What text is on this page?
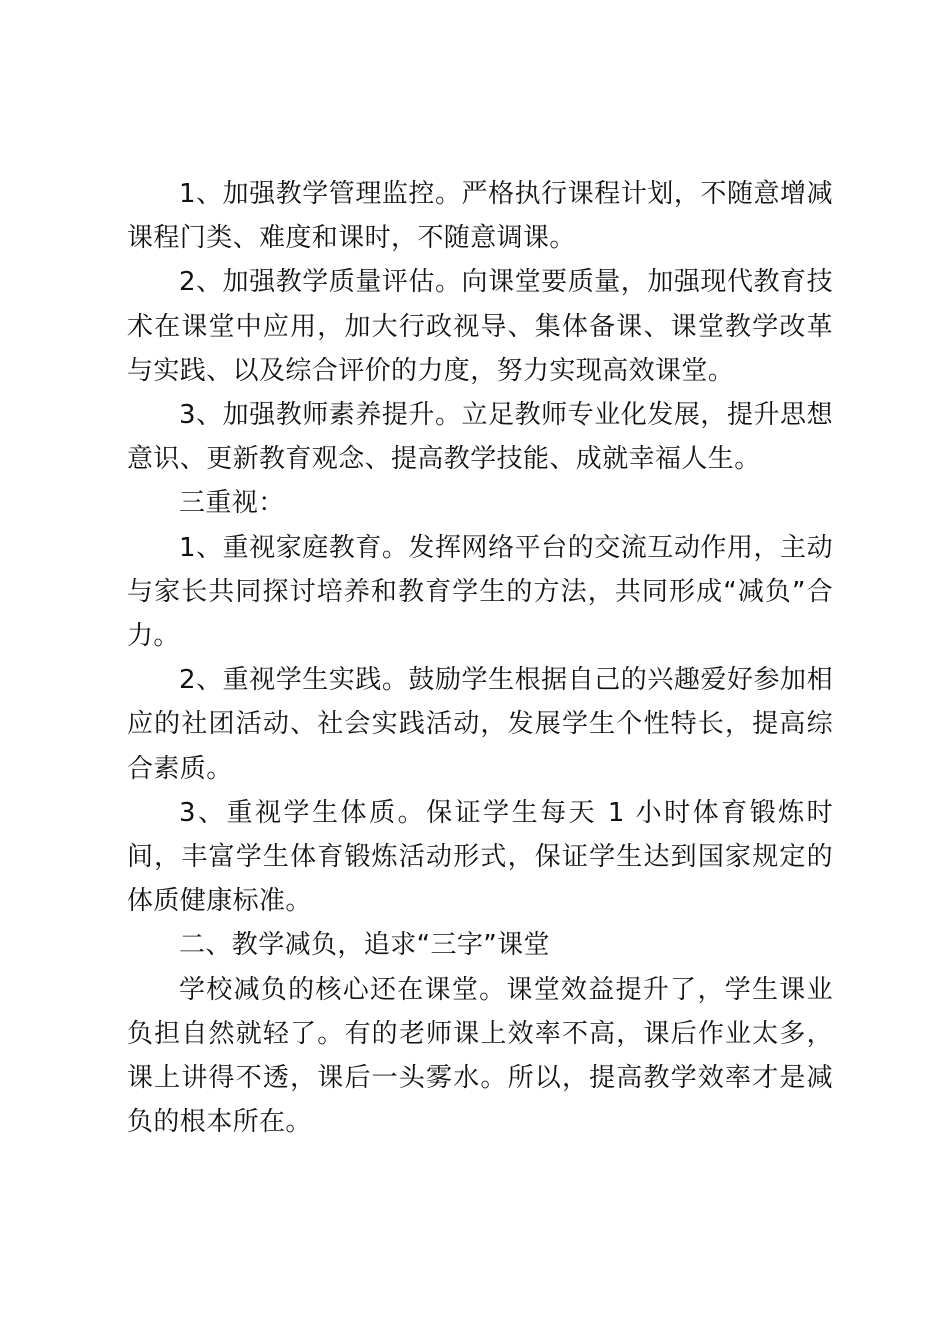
1、加强教学管理监控。严格执行课程计划，不随意增减课程门类、难度和课时，不随意调课。

2、加强教学质量评估。向课堂要质量，加强现代教育技术在课堂中应用，加大行政视导、集体备课、课堂教学改革与实践、以及综合评价的力度，努力实现高效课堂。

3、加强教师素养提升。立足教师专业化发展，提升思想意识、更新教育观念、提高教学技能、成就幸福人生。

三重视：

1、重视家庭教育。发挥网络平台的交流互动作用，主动与家长共同探讨培养和教育学生的方法，共同形成“减负”合力。

2、重视学生实践。鼓励学生根据自己的兴趣爱好参加相应的社团活动、社会实践活动，发展学生个性特长，提高综合素质。

3、重视学生体质。保证学生每天 1 小时体育锻炼时间，丰富学生体育锻炼活动形式，保证学生达到国家规定的体质健康标准。

二、教学减负，追求“三字”课堂

学校减负的核心还在课堂。课堂效益提升了，学生课业负担自然就轻了。有的老师课上效率不高，课后作业太多，课上讲得不透，课后一头雾水。所以，提高教学效率才是减负的根本所在。
